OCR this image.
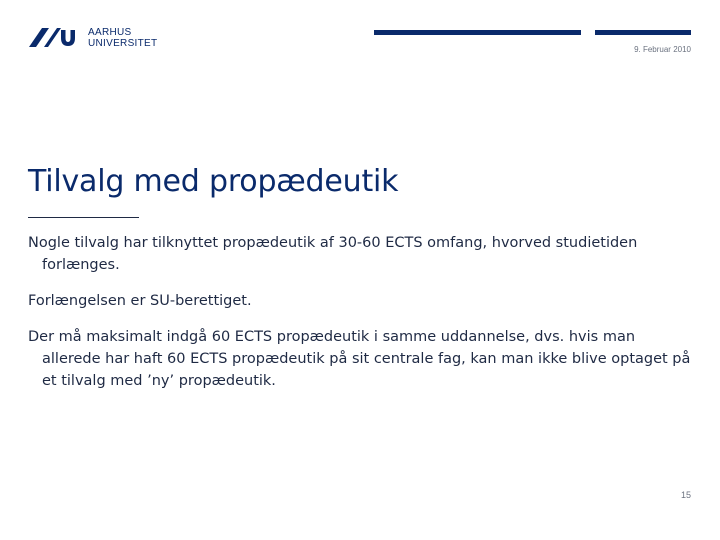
AARHUS
UNIVERSITET
9. Februar 2010
Tilvalg med propædeutik

Nogle tilvalg har tilknyttet propædeutik af 30-60 ECTS omfang, hvorved studietiden forlænges.

Forlængelsen er SU-berettiget.

Der må maksimalt indgå 60 ECTS propædeutik i samme uddannelse, dvs. hvis man allerede har haft 60 ECTS propædeutik på sit centrale fag, kan man ikke blive optaget på et tilvalg med ’ny’ propædeutik.

15
